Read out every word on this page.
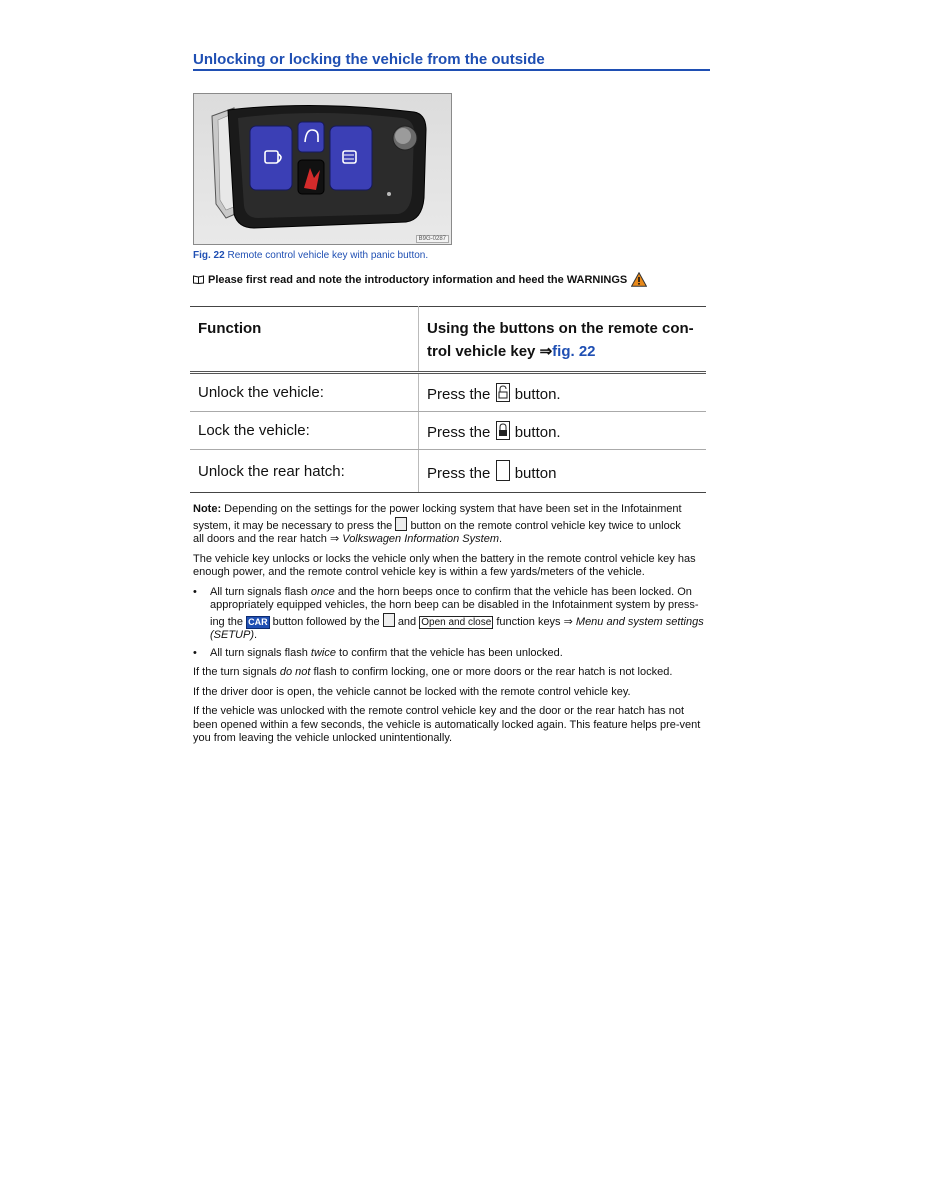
Unlocking or locking the vehicle from the outside
B9G-0287
Fig. 22 Remote control vehicle key with panic button.
Please first read and note the introductory information and heed the WARNINGS
Function	Using the buttons on the remote con-
trol vehicle key ⇒fig. 22
Unlock the vehicle:	Press the button.
Lock the vehicle:	Press the button.
Unlock the rear hatch:	Press the button

Note: Depending on the settings for the power locking system that have been set in the Infotainment system, it may be necessary to press the button on the remote control vehicle key twice to unlock
all doors and the rear hatch ⇒ Volkswagen Information System.

The vehicle key unlocks or locks the vehicle only when the battery in the remote control vehicle key has enough power, and the remote control vehicle key is within a few yards/meters of the vehicle.

•	All turn signals flash once and the horn beeps once to confirm that the vehicle has been locked. On appropriately equipped vehicles, the horn beep can be disabled in the Infotainment system by press-ing the CAR button followed by the and Open and close function keys ⇒ Menu and system settings (SETUP).
•	All turn signals flash twice to confirm that the vehicle has been unlocked.

If the turn signals do not flash to confirm locking, one or more doors or the rear hatch is not locked.

If the driver door is open, the vehicle cannot be locked with the remote control vehicle key.

If the vehicle was unlocked with the remote control vehicle key and the door or the rear hatch has not been opened within a few seconds, the vehicle is automatically locked again. This feature helps pre-vent you from leaving the vehicle unlocked unintentionally.
